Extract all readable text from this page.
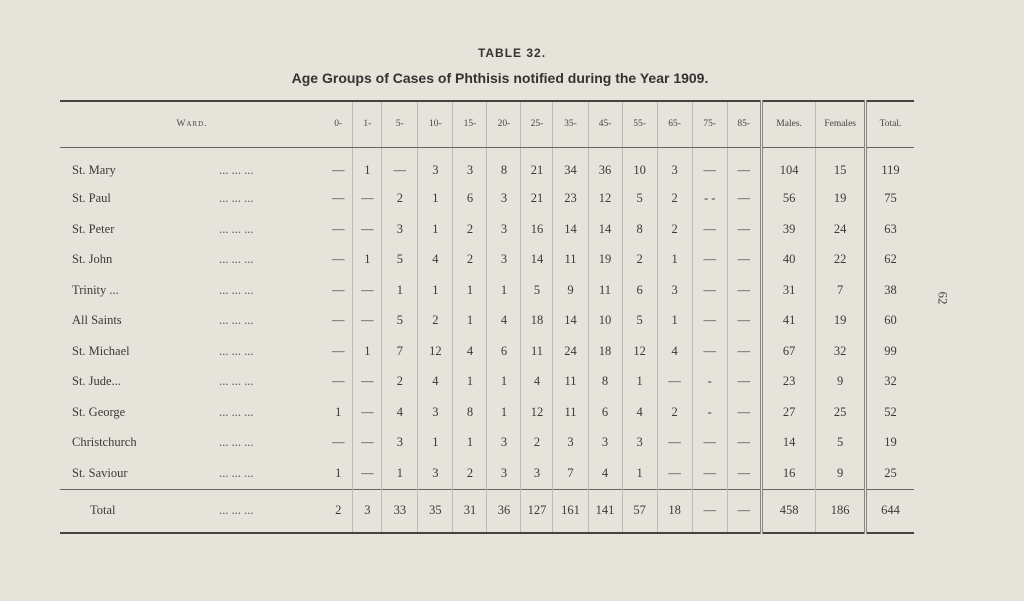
TABLE 32.
Age Groups of Cases of Phthisis notified during the Year 1909.
62
Ward.		0-	1-	5-	10-	15-	20-	25-	35-	45-	55-	65-	75-	85-	Males.	Females	Total.
St. Mary	... ... ...	—	1	—	3	3	8	21	34	36	10	3	—	—	104	15	119
St. Paul	... ... ...	—	—	2	1	6	3	21	23	12	5	2	- -	—	56	19	75
St. Peter	... ... ...	—	—	3	1	2	3	16	14	14	8	2	—	—	39	24	63
St. John	... ... ...	—	1	5	4	2	3	14	11	19	2	1	—	—	40	22	62
Trinity ...	... ... ...	—	—	1	1	1	1	5	9	11	6	3	—	—	31	7	38
All Saints	... ... ...	—	—	5	2	1	4	18	14	10	5	1	—	—	41	19	60
St. Michael	... ... ...	—	1	7	12	4	6	11	24	18	12	4	—	—	67	32	99
St. Jude...	... ... ...	—	—	2	4	1	1	4	11	8	1	—	-	—	23	9	32
St. George	... ... ...	1	—	4	3	8	1	12	11	6	4	2	-	—	27	25	52
Christchurch	... ... ...	—	—	3	1	1	3	2	3	3	3	—	—	—	14	5	19
St. Saviour	... ... ...	1	—	1	3	2	3	3	7	4	1	—	—	—	16	9	25
Total	... ... ...	2	3	33	35	31	36	127	161	141	57	18	—	—	458	186	644
